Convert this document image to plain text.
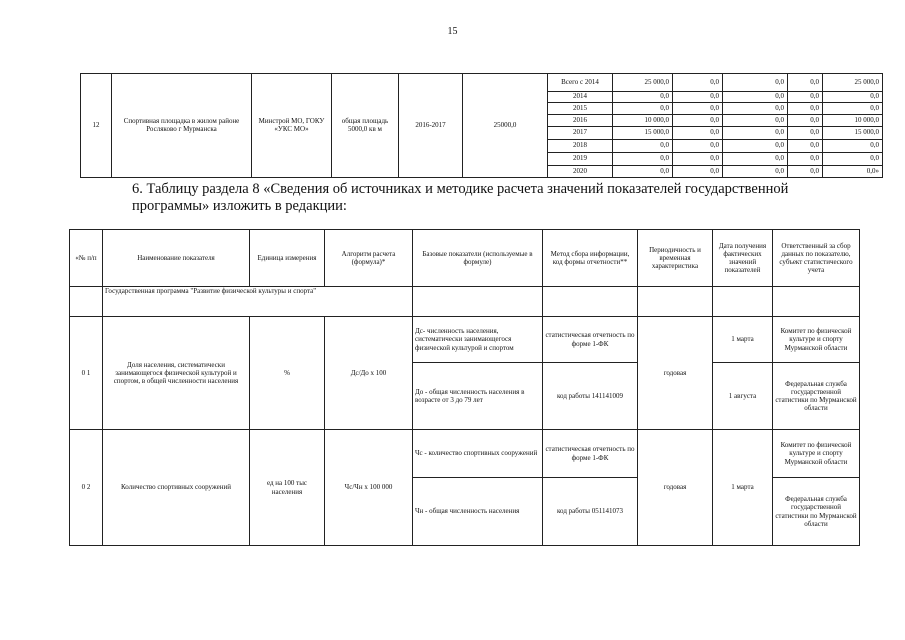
15
12	Спортивная площадка в жилом районе Росляково г Мурманска	Минстрой МО, ГОКУ «УКС МО»	общая площадь 5000,0 кв м	2016-2017	25000,0	Всего с 2014	25 000,0	0,0	0,0	0,0	25 000,0
						2014	0,0	0,0	0,0	0,0	0,0
						2015	0,0	0,0	0,0	0,0	0,0
						2016	10 000,0	0,0	0,0	0,0	10 000,0
						2017	15 000,0	0,0	0,0	0,0	15 000,0
						2018	0,0	0,0	0,0	0,0	0,0
						2019	0,0	0,0	0,0	0,0	0,0
						2020	0,0	0,0	0,0	0,0	0,0»
6. Таблицу раздела 8 «Сведения об источниках и методике расчета значений показателей государственной программы» изложить в редакции:
«№ п/п	Наименование показателя	Единица измерения	Алгоритм расчета (формула)*	Базовые показатели (используемые в формуле)	Метод сбора информации, код формы отчетности**	Периодичность и временная характеристика	Дата получения фактических значений показателей	Ответственный за сбор данных по показателю, субъект статистического учета
	Государственная программа "Развитие физической культуры и спорта"							
0 1	Доля населения, систематически занимающегося физической культурой и спортом, в общей численности населения	%	Дс/До x 100	Дс- численность населения, систематически занимающегося физической культурой и спортом	статистическая отчетность по форме 1-ФК	годовая	1 марта	Комитет по физической культуре и спорту Мурманской области
				До - общая численность населения в возрасте от 3 до 79 лет	код работы 141141009		1 августа	Федеральная служба государственной статистики по Мурманской области
0 2	Количество спортивных сооружений	ед на 100 тыс населения	Чс/Чн x 100 000	Чс - количество спортивных сооружений	статистическая отчетность по форме 1-ФК	годовая	1 марта	Комитет по физической культуре и спорту Мурманской области
				Чн - общая численность населения	код работы 051141073			Федеральная служба государственной статистики по Мурманской области
